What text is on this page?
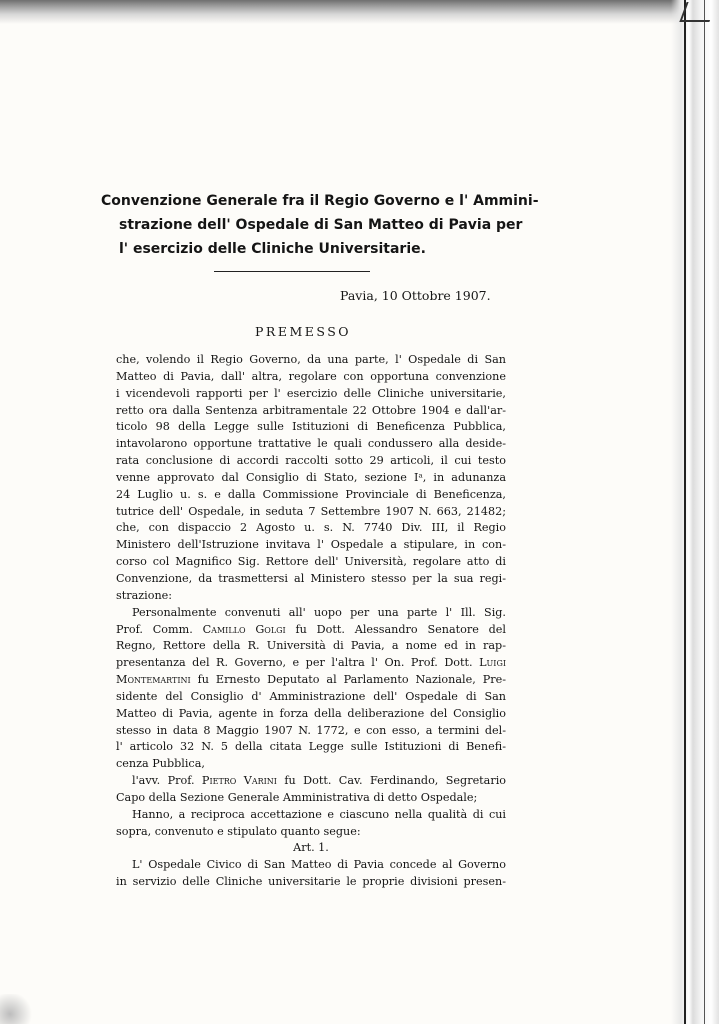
Convenzione Generale fra il Regio Governo e l' Ammini-
strazione dell' Ospedale di San Matteo di Pavia per
l' esercizio delle Cliniche Universitarie.

Pavia, 10 Ottobre 1907.

PREMESSO

che, volendo il Regio Governo, da una parte, l' Ospedale di San
Matteo di Pavia, dall' altra, regolare con opportuna convenzione
i vicendevoli rapporti per l' esercizio delle Cliniche universitarie,
retto ora dalla Sentenza arbitramentale 22 Ottobre 1904 e dall'ar-
ticolo 98 della Legge sulle Istituzioni di Beneficenza Pubblica,
intavolarono opportune trattative le quali condussero alla deside-
rata conclusione di accordi raccolti sotto 29 articoli, il cui testo
venne approvato dal Consiglio di Stato, sezione Iᵃ, in adunanza
24 Luglio u. s. e dalla Commissione Provinciale di Beneficenza,
tutrice dell' Ospedale, in seduta 7 Settembre 1907 N. 663, 21482;
che, con dispaccio 2 Agosto u. s. N. 7740 Div. III, il Regio
Ministero dell'Istruzione invitava l' Ospedale a stipulare, in con-
corso col Magnifico Sig. Rettore dell' Università, regolare atto di
Convenzione, da trasmettersi al Ministero stesso per la sua regi-
strazione:
Personalmente convenuti all' uopo per una parte l' Ill. Sig.
Prof. Comm. Camillo Golgi fu Dott. Alessandro Senatore del
Regno, Rettore della R. Università di Pavia, a nome ed in rap-
presentanza del R. Governo, e per l'altra l' On. Prof. Dott. Luigi
Montemartini fu Ernesto Deputato al Parlamento Nazionale, Pre-
sidente del Consiglio d' Amministrazione dell' Ospedale di San
Matteo di Pavia, agente in forza della deliberazione del Consiglio
stesso in data 8 Maggio 1907 N. 1772, e con esso, a termini del-
l' articolo 32 N. 5 della citata Legge sulle Istituzioni di Benefi-
cenza Pubblica,
l'avv. Prof. Pietro Varini fu Dott. Cav. Ferdinando, Segretario
Capo della Sezione Generale Amministrativa di detto Ospedale;
Hanno, a reciproca accettazione e ciascuno nella qualità di cui
sopra, convenuto e stipulato quanto segue:
Art. 1.
L' Ospedale Civico di San Matteo di Pavia concede al Governo
in servizio delle Cliniche universitarie le proprie divisioni presen-
